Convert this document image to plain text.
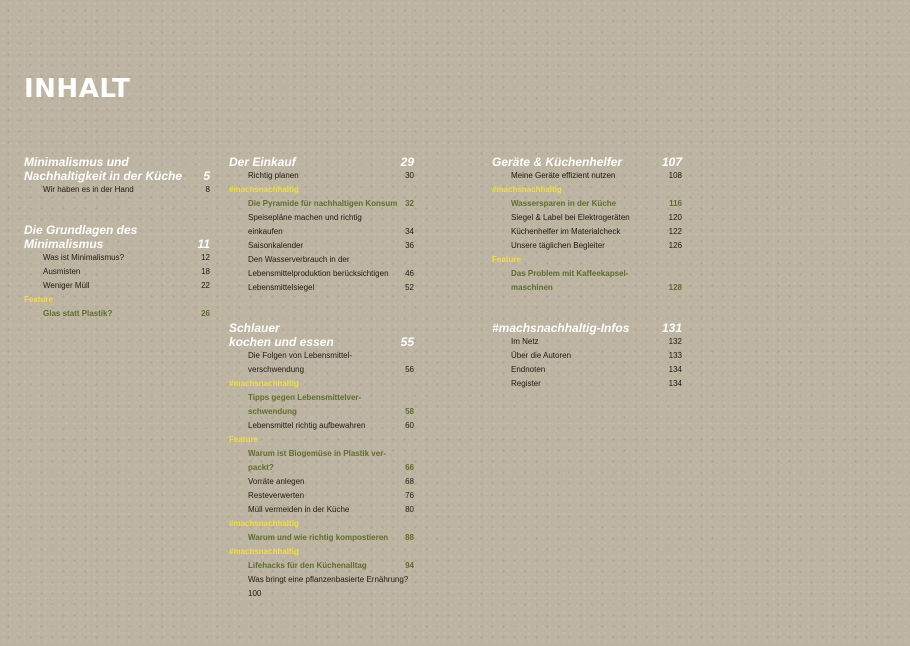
INHALT
Minimalismus und
Nachhaltigkeit in der Küche 5
Wir haben es in der Hand	8
Die Grundlagen des
Minimalismus	11
Was ist Minimalismus?	12
Ausmisten	18
Weniger Müll	22
Feature
Glas statt Plastik?	26
Der Einkauf	29
Richtig planen	30
#machsnachhaltig
Die Pyramide für nachhaltigen Konsum 32
Speisepläne machen und richtig
einkaufen	34
Saisonkalender	36
Den Wasserverbrauch in der
Lebensmittelproduktion berücksichtigen	46
Lebensmittelsiegel	52
Schlauer
kochen und essen	55
Die Folgen von Lebensmittel-
verschwendung	56
#machsnachhaltig
Tipps gegen Lebensmittelver-
schwendung	58
Lebensmittel richtig aufbewahren	60
Feature
Warum ist Biogemüse in Plastik ver-
packt?	66
Vorräte anlegen	68
Resteverwerten	76
Müll vermeiden in der Küche	80
#machsnachhaltig
Warum und wie richtig kompostieren	88
#machsnachhaltig
Lifehacks für den Küchenalltag	94
Was bringt eine pflanzenbasierte Ernährung?
100
Geräte & Küchenhelfer	107
Meine Geräte effizient nutzen	108
#machsnachhaltig
Wassersparen in der Küche	116
Siegel & Label bei Elektrogeräten	120
Küchenhelfer im Materialcheck	122
Unsere täglichen Begleiter	126
Feature
Das Problem mit Kaffeekapsel-
maschinen	128
#machsnachhaltig-Infos	131
Im Netz	132
Über die Autoren	133
Endnoten	134
Register	134
